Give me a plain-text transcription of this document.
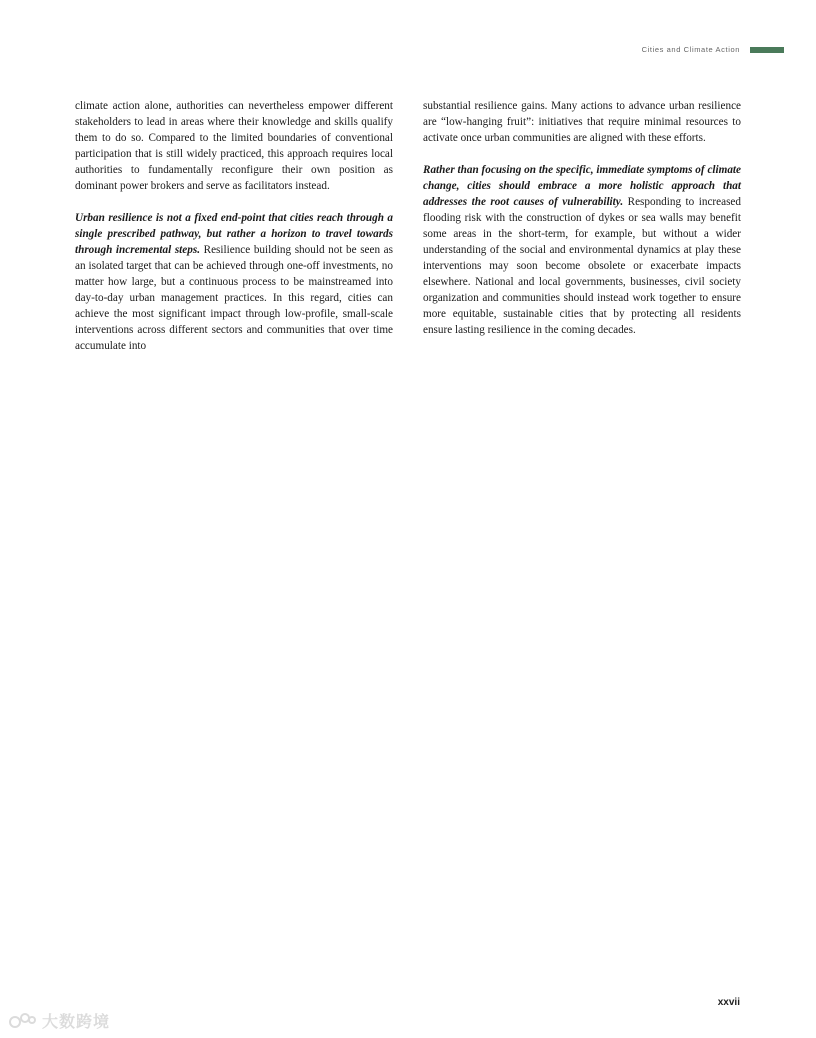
Cities and Climate Action

climate action alone, authorities can nevertheless empower different stakeholders to lead in areas where their knowledge and skills qualify them to do so. Compared to the limited boundaries of conventional participation that is still widely practiced, this approach requires local authorities to fundamentally reconfigure their own position as dominant power brokers and serve as facilitators instead.

Urban resilience is not a fixed end-point that cities reach through a single prescribed pathway, but rather a horizon to travel towards through incremental steps. Resilience building should not be seen as an isolated target that can be achieved through one-off investments, no matter how large, but a continuous process to be mainstreamed into day-to-day urban management practices. In this regard, cities can achieve the most significant impact through low-profile, small-scale interventions across different sectors and communities that over time accumulate into

substantial resilience gains. Many actions to advance urban resilience are “low-hanging fruit”: initiatives that require minimal resources to activate once urban communities are aligned with these efforts.

Rather than focusing on the specific, immediate symptoms of climate change, cities should embrace a more holistic approach that addresses the root causes of vulnerability. Responding to increased flooding risk with the construction of dykes or sea walls may benefit some areas in the short-term, for example, but without a wider understanding of the social and environmental dynamics at play these interventions may soon become obsolete or exacerbate impacts elsewhere. National and local governments, businesses, civil society organization and communities should instead work together to ensure more equitable, sustainable cities that by protecting all residents ensure lasting resilience in the coming decades.

xxvii
大数跨境
